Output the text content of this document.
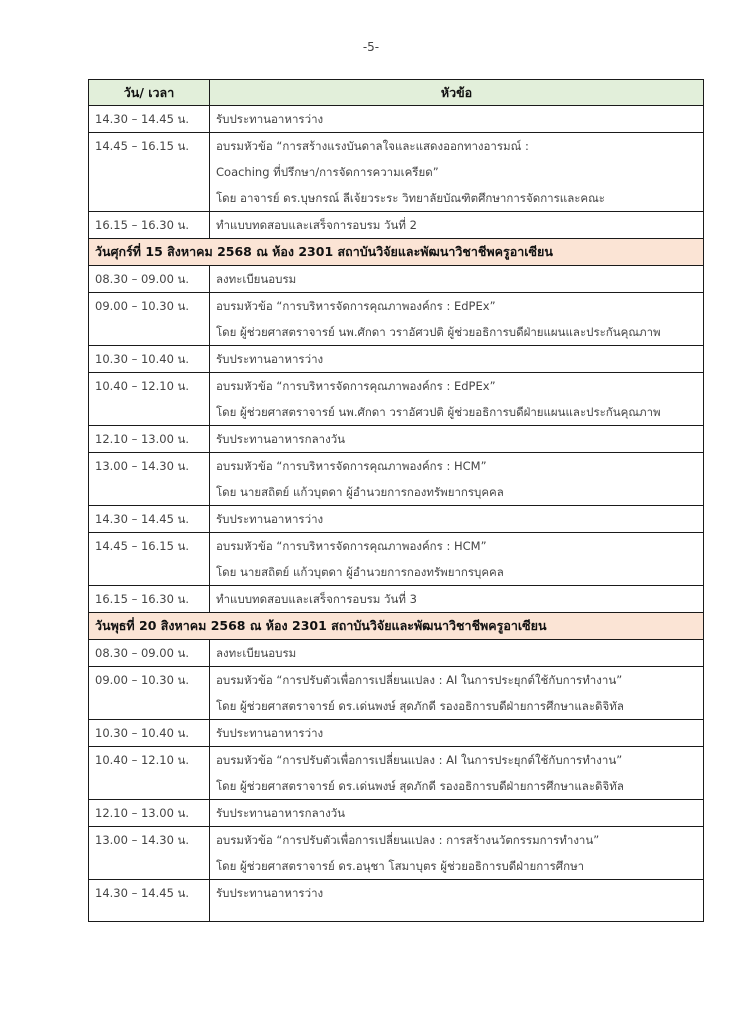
-5-
วัน/ เวลา	หัวข้อ
14.30 – 14.45 น.	รับประทานอาหารว่าง

14.45 – 16.15 น.	อบรมหัวข้อ “การสร้างแรงบันดาลใจและแสดงออกทางอารมณ์ :
Coaching ที่ปรึกษา/การจัดการความเครียด”
โดย อาจารย์ ดร.บุษกรณ์ ลีเจ้ยวระระ วิทยาลัยบัณฑิตศึกษาการจัดการและคณะ

16.15 – 16.30 น.	ทำแบบทดสอบและเสร็จการอบรม วันที่ 2

วันศุกร์ที่ 15 สิงหาคม 2568 ณ ห้อง 2301 สถาบันวิจัยและพัฒนาวิชาชีพครูอาเซียน	
08.30 – 09.00 น.	ลงทะเบียนอบรม

09.00 – 10.30 น.	อบรมหัวข้อ “การบริหารจัดการคุณภาพองค์กร : EdPEx”
โดย ผู้ช่วยศาสตราจารย์ นพ.ศักดา วราอัศวปติ ผู้ช่วยอธิการบดีฝ่ายแผนและประกันคุณภาพ

10.30 – 10.40 น.	รับประทานอาหารว่าง

10.40 – 12.10 น.	อบรมหัวข้อ “การบริหารจัดการคุณภาพองค์กร : EdPEx”
โดย ผู้ช่วยศาสตราจารย์ นพ.ศักดา วราอัศวปติ ผู้ช่วยอธิการบดีฝ่ายแผนและประกันคุณภาพ

12.10 – 13.00 น.	รับประทานอาหารกลางวัน

13.00 – 14.30 น.	อบรมหัวข้อ “การบริหารจัดการคุณภาพองค์กร : HCM”
โดย นายสถิตย์ แก้วบุตดา ผู้อำนวยการกองทรัพยากรบุคคล

14.30 – 14.45 น.	รับประทานอาหารว่าง

14.45 – 16.15 น.	อบรมหัวข้อ “การบริหารจัดการคุณภาพองค์กร : HCM”
โดย นายสถิตย์ แก้วบุตดา ผู้อำนวยการกองทรัพยากรบุคคล

16.15 – 16.30 น.	ทำแบบทดสอบและเสร็จการอบรม วันที่ 3

วันพุธที่ 20 สิงหาคม 2568 ณ ห้อง 2301 สถาบันวิจัยและพัฒนาวิชาชีพครูอาเซียน	
08.30 – 09.00 น.	ลงทะเบียนอบรม

09.00 – 10.30 น.	อบรมหัวข้อ “การปรับตัวเพื่อการเปลี่ยนแปลง : AI ในการประยุกต์ใช้กับการทำงาน”
โดย ผู้ช่วยศาสตราจารย์ ดร.เด่นพงษ์ สุดภักดี รองอธิการบดีฝ่ายการศึกษาและดิจิทัล

10.30 – 10.40 น.	รับประทานอาหารว่าง

10.40 – 12.10 น.	อบรมหัวข้อ “การปรับตัวเพื่อการเปลี่ยนแปลง : AI ในการประยุกต์ใช้กับการทำงาน”
โดย ผู้ช่วยศาสตราจารย์ ดร.เด่นพงษ์ สุดภักดี รองอธิการบดีฝ่ายการศึกษาและดิจิทัล

12.10 – 13.00 น.	รับประทานอาหารกลางวัน

13.00 – 14.30 น.	อบรมหัวข้อ “การปรับตัวเพื่อการเปลี่ยนแปลง : การสร้างนวัตกรรมการทำงาน”
โดย ผู้ช่วยศาสตราจารย์ ดร.อนุชา โสมาบุตร ผู้ช่วยอธิการบดีฝ่ายการศึกษา

14.30 – 14.45 น.	รับประทานอาหารว่าง
